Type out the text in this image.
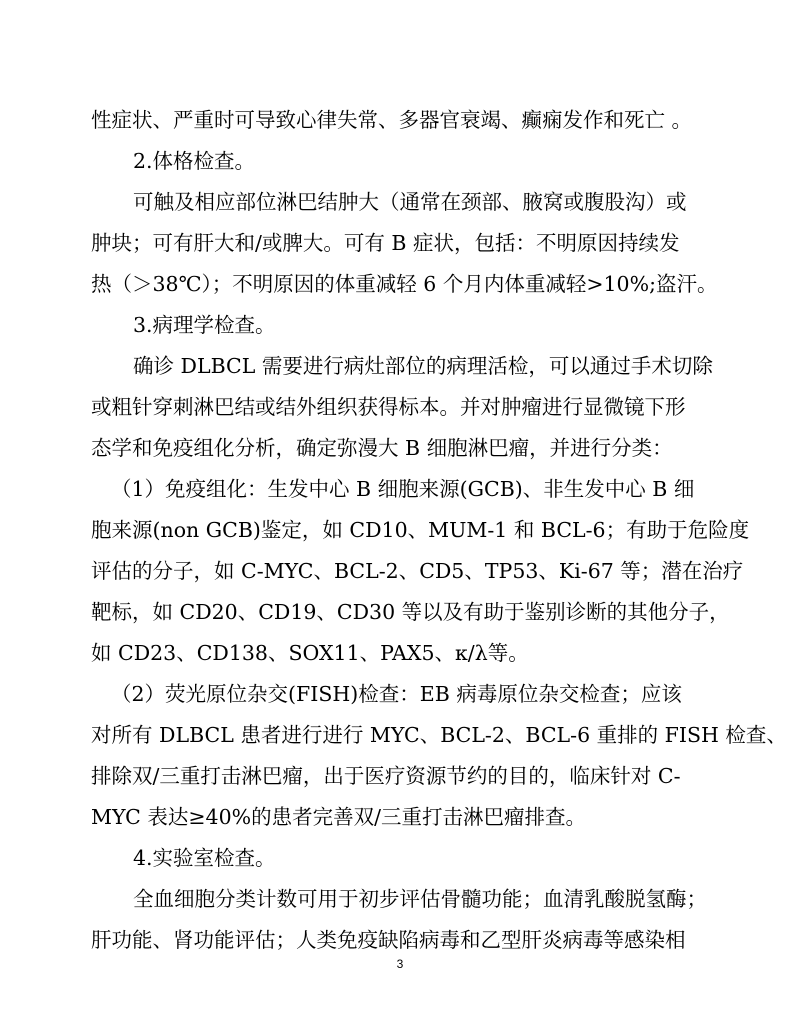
性症状、严重时可导致心律失常、多器官衰竭、癫痫发作和死亡 。
2.体格检查。
可触及相应部位淋巴结肿大（通常在颈部、腋窝或腹股沟）或
肿块；可有肝大和/或脾大。可有 B 症状，包括：不明原因持续发
热（＞38℃）；不明原因的体重减轻 6 个月内体重减轻>10%;盗汗。
3.病理学检查。
确诊 DLBCL 需要进行病灶部位的病理活检，可以通过手术切除
或粗针穿刺淋巴结或结外组织获得标本。并对肿瘤进行显微镜下形
态学和免疫组化分析，确定弥漫大 B 细胞淋巴瘤，并进行分类：
（1）免疫组化：生发中心 B 细胞来源(GCB)、非生发中心 B 细
胞来源(non GCB)鉴定，如 CD10、MUM-1 和 BCL-6；有助于危险度
评估的分子，如 C-MYC、BCL-2、CD5、TP53、Ki-67 等；潜在治疗
靶标，如 CD20、CD19、CD30 等以及有助于鉴别诊断的其他分子，
如 CD23、CD138、SOX11、PAX5、κ/λ等。
（2）荧光原位杂交(FISH)检查：EB 病毒原位杂交检查；应该
对所有 DLBCL 患者进行进行 MYC、BCL-2、BCL-6 重排的 FISH 检查、
排除双/三重打击淋巴瘤，出于医疗资源节约的目的，临床针对 C-
MYC 表达≥40%的患者完善双/三重打击淋巴瘤排查。
4.实验室检查。
全血细胞分类计数可用于初步评估骨髓功能；血清乳酸脱氢酶；
肝功能、肾功能评估；人类免疫缺陷病毒和乙型肝炎病毒等感染相
3
